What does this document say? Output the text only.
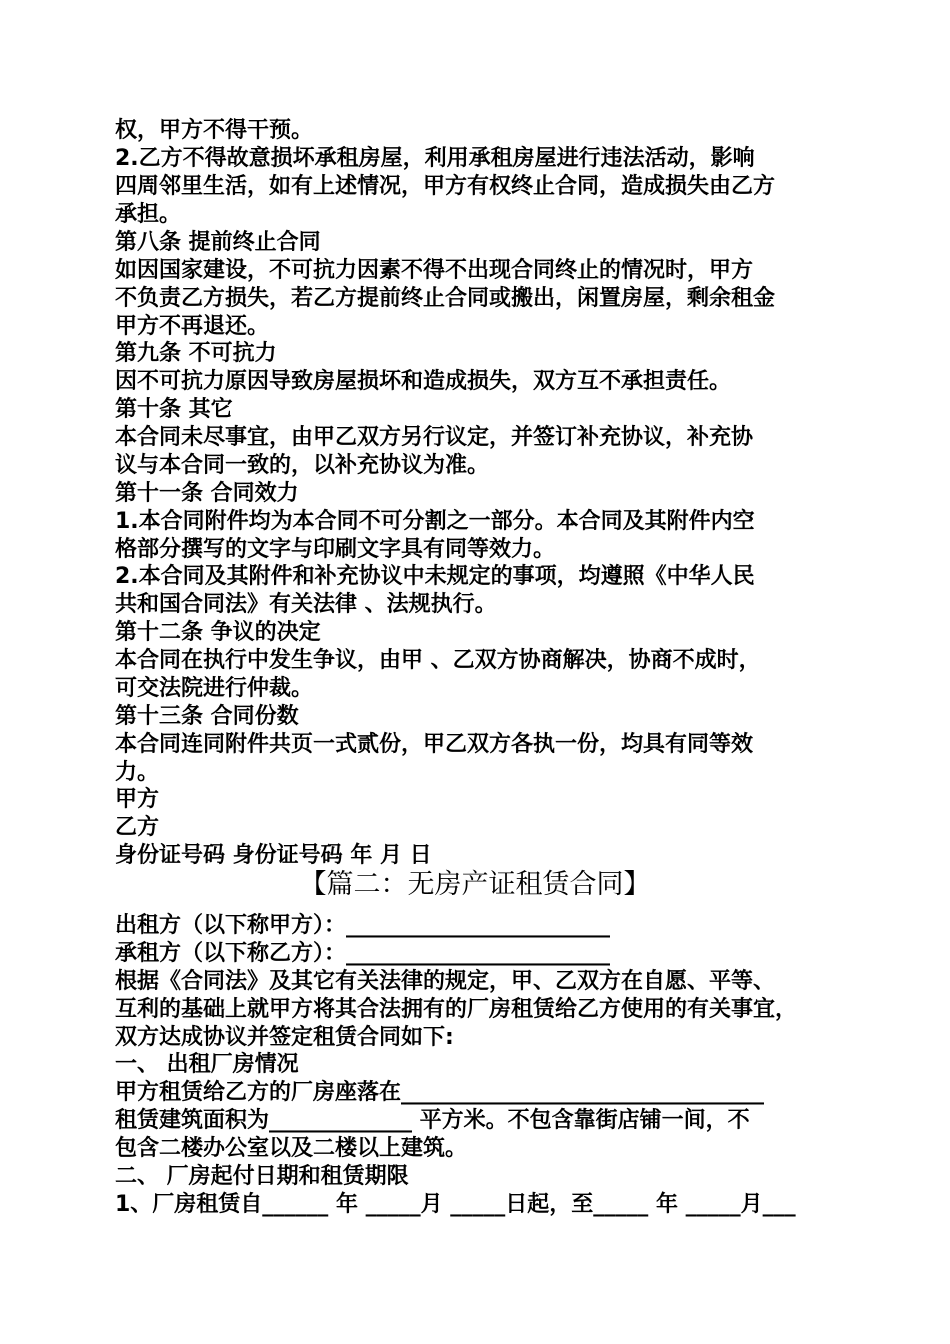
权，甲方不得干预。
2.乙方不得故意损坏承租房屋，利用承租房屋进行违法活动，影响
四周邻里生活，如有上述情况，甲方有权终止合同，造成损失由乙方
承担。
第八条 提前终止合同
如因国家建设，不可抗力因素不得不出现合同终止的情况时，甲方
不负责乙方损失，若乙方提前终止合同或搬出，闲置房屋，剩余租金
甲方不再退还。
第九条 不可抗力
因不可抗力原因导致房屋损坏和造成损失，双方互不承担责任。
第十条 其它
本合同未尽事宜，由甲乙双方另行议定，并签订补充协议，补充协
议与本合同一致的，以补充协议为准。
第十一条 合同效力
1.本合同附件均为本合同不可分割之一部分。本合同及其附件内空
格部分撰写的文字与印刷文字具有同等效力。
2.本合同及其附件和补充协议中未规定的事项，均遵照《中华人民
共和国合同法》有关法律 、法规执行。
第十二条 争议的决定
本合同在执行中发生争议，由甲 、乙双方协商解决，协商不成时，
可交法院进行仲裁。
第十三条 合同份数
本合同连同附件共页一式贰份，甲乙双方各执一份，均具有同等效
力。
甲方
乙方
身份证号码 身份证号码 年 月 日
【篇二：无房产证租赁合同】
出租方（以下称甲方）：________________________
承租方（以下称乙方）：________________________
根据《合同法》及其它有关法律的规定，甲、乙双方在自愿、平等、
互利的基础上就甲方将其合法拥有的厂房租赁给乙方使用的有关事宜，
双方达成协议并签定租赁合同如下:
一、 出租厂房情况
甲方租赁给乙方的厂房座落在_________________________________
租赁建筑面积为_____________ 平方米。不包含靠街店铺一间，不
包含二楼办公室以及二楼以上建筑。
二、 厂房起付日期和租赁期限
1、厂房租赁自______ 年 _____月 _____日起，至_____ 年 _____月___
